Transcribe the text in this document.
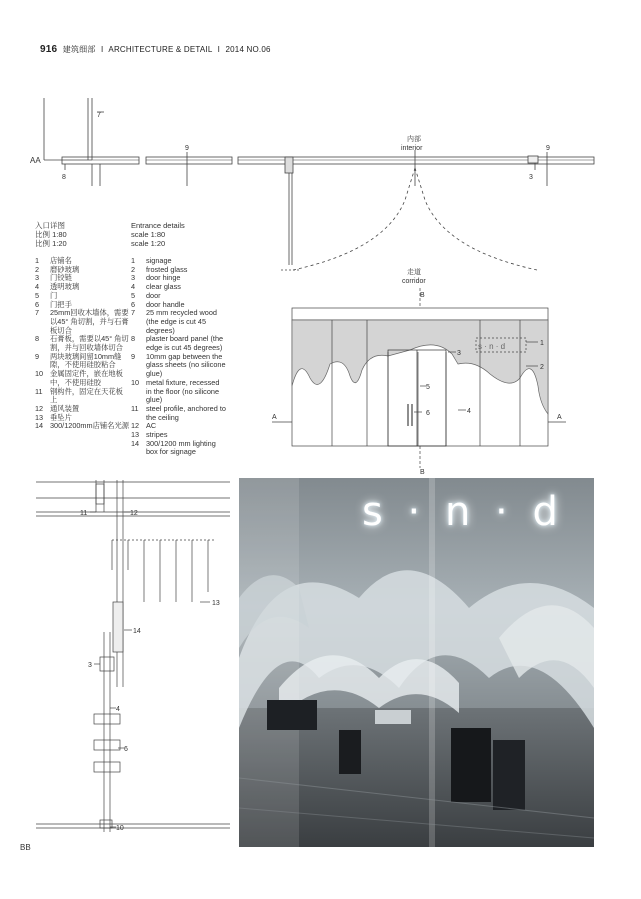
916 建筑细部 I ARCHITECTURE & DETAIL I 2014 NO.06
7
8
9	9
3
AA
内部
interior
走道
corridor
s · n · d
B
B
A	A
1
2
3
4
5
6
入口详图
比例 1:80
比例 1:20
Entrance details
scale 1:80
scale 1:20
1	店铺名
2	磨砂玻璃
3	门铰链
4	透明玻璃
5	门
6	门把手
7	25mm回收木墙体，需要以45° 角切割，并与石膏板切合
8	石膏板，需要以45° 角切割，并与回收墙体切合
9	两块玻璃间留10mm缝隙，不使用硅胶粘合
10 金属固定件，嵌在地板中，不使用硅胶
11	钢构件，固定在天花板上
12 通风装置
13 垂坠片
14 300/1200mm店铺名光源
1	signage
2	frosted glass
3	door hinge
4	clear glass
5	door
6	door handle
7	25 mm recycled wood (the edge is cut 45 degrees)
8	plaster board panel (the edge is cut 45 degrees)
9	10mm gap between the glass sheets (no silicone glue)
10 metal fixture, recessed in the floor (no silicone glue)
11	steel profile, anchored to the ceiling
12 AC
13 stripes
14 300/1200 mm lighting box for signage
11	12
13
14
3
4
6
10
BB
s · n · d
